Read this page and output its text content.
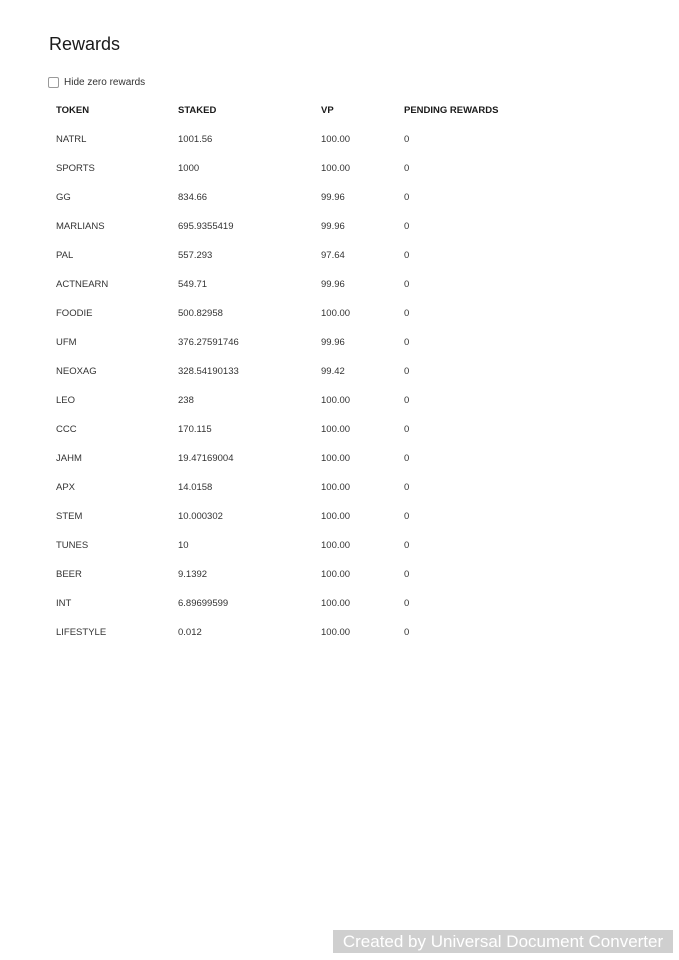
Rewards
Hide zero rewards
TOKEN	STAKED	VP	PENDING REWARDS
NATRL	1001.56	100.00	0
SPORTS	1000	100.00	0
GG	834.66	99.96	0
MARLIANS	695.9355419	99.96	0
PAL	557.293	97.64	0
ACTNEARN	549.71	99.96	0
FOODIE	500.82958	100.00	0
UFM	376.27591746	99.96	0
NEOXAG	328.54190133	99.42	0
LEO	238	100.00	0
CCC	170.115	100.00	0
JAHM	19.47169004	100.00	0
APX	14.0158	100.00	0
STEM	10.000302	100.00	0
TUNES	10	100.00	0
BEER	9.1392	100.00	0
INT	6.89699599	100.00	0
LIFESTYLE	0.012	100.00	0
Created by Universal Document Converter
